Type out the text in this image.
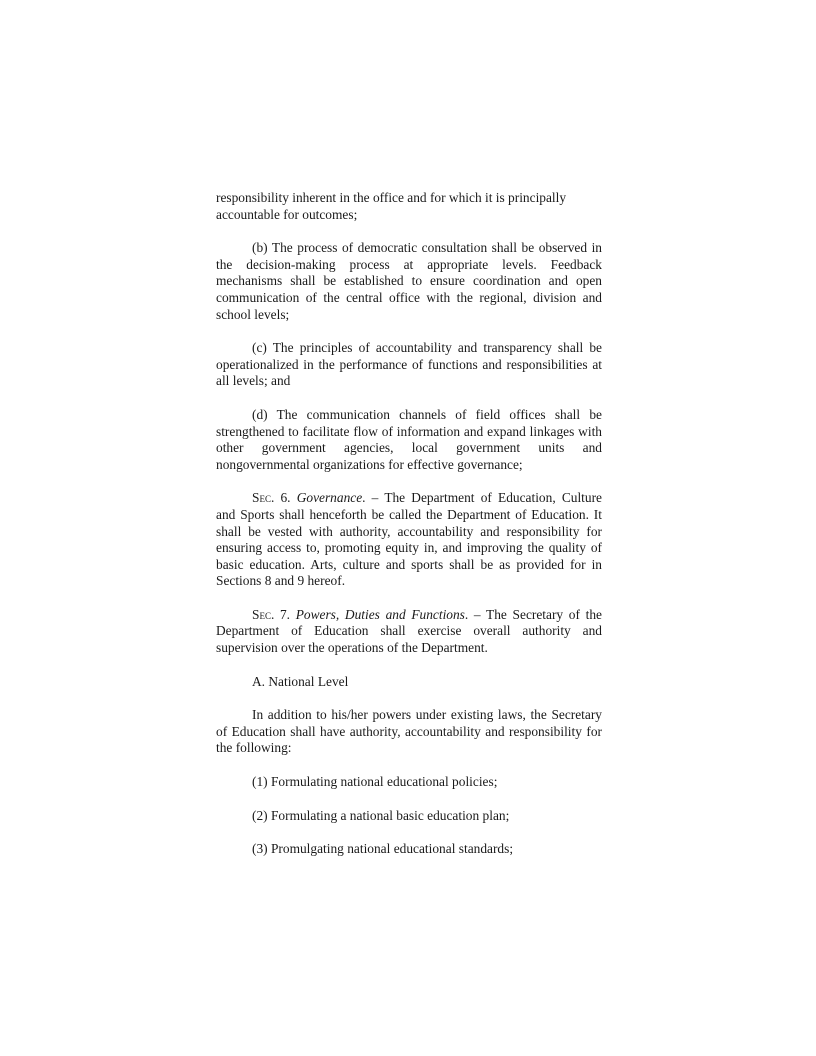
responsibility inherent in the office and for which it is principally accountable for outcomes;

(b) The process of democratic consultation shall be observed in the decision-making process at appropriate levels. Feedback mechanisms shall be established to ensure coordination and open communication of the central office with the regional, division and school levels;

(c) The principles of accountability and transparency shall be operationalized in the performance of functions and responsibilities at all levels; and

(d) The communication channels of field offices shall be strengthened to facilitate flow of information and expand linkages with other government agencies, local government units and nongovernmental organizations for effective governance;

Sec. 6. Governance. – The Department of Education, Culture and Sports shall henceforth be called the Department of Education. It shall be vested with authority, accountability and responsibility for ensuring access to, promoting equity in, and improving the quality of basic education. Arts, culture and sports shall be as provided for in Sections 8 and 9 hereof.

Sec. 7. Powers, Duties and Functions. – The Secretary of the Department of Education shall exercise overall authority and supervision over the operations of the Department.

A. National Level

In addition to his/her powers under existing laws, the Secretary of Education shall have authority, accountability and responsibility for the following:

(1) Formulating national educational policies;

(2) Formulating a national basic education plan;

(3) Promulgating national educational standards;
